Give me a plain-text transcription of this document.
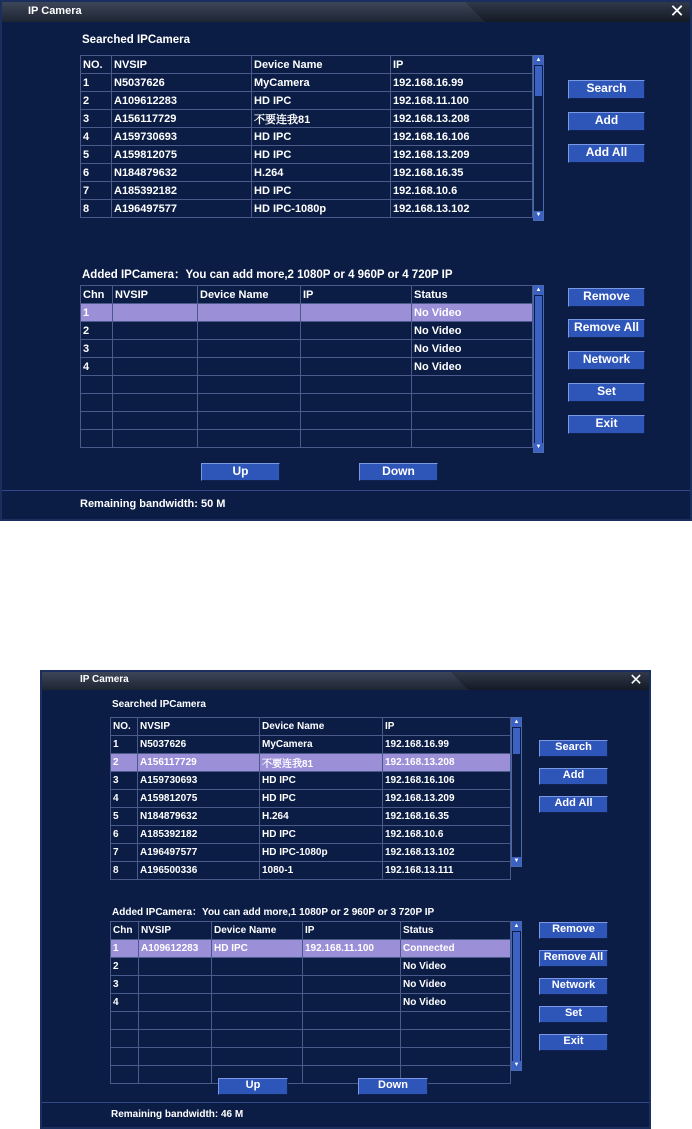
IP Camera	✕
Searched IPCamera
NO.	NVSIP	Device Name	IP
1	N5037626	MyCamera	192.168.16.99
2	A109612283	HD IPC	192.168.11.100
3	A156117729	不要连我81	192.168.13.208
4	A159730693	HD IPC	192.168.16.106
5	A159812075	HD IPC	192.168.13.209
6	N184879632	H.264	192.168.16.35
7	A185392182	HD IPC	192.168.10.6
8	A196497577	HD IPC-1080p	192.168.13.102
▲
▼
Search
Add
Add All
Added IPCamera：You can add more,2 1080P or 4 960P or 4 720P IP
Chn	NVSIP	Device Name	IP	Status
1				No Video
2				No Video
3				No Video
4				No Video

▲
▼
Remove
Remove All
Network
Set
Exit
Up	Down
Remaining bandwidth: 50 M
IP Camera	✕
Searched IPCamera
NO.	NVSIP	Device Name	IP
1	N5037626	MyCamera	192.168.16.99
2	A156117729	不要连我81	192.168.13.208
3	A159730693	HD IPC	192.168.16.106
4	A159812075	HD IPC	192.168.13.209
5	N184879632	H.264	192.168.16.35
6	A185392182	HD IPC	192.168.10.6
7	A196497577	HD IPC-1080p	192.168.13.102
8	A196500336	1080-1	192.168.13.111
▲
▼
Search
Add
Add All
Added IPCamera：You can add more,1 1080P or 2 960P or 3 720P IP
Chn	NVSIP	Device Name	IP	Status
1	A109612283	HD IPC	192.168.11.100	Connected
2				No Video
3				No Video
4				No Video

▲
▼
Remove
Remove All
Network
Set
Exit
Up	Down
Remaining bandwidth: 46 M
